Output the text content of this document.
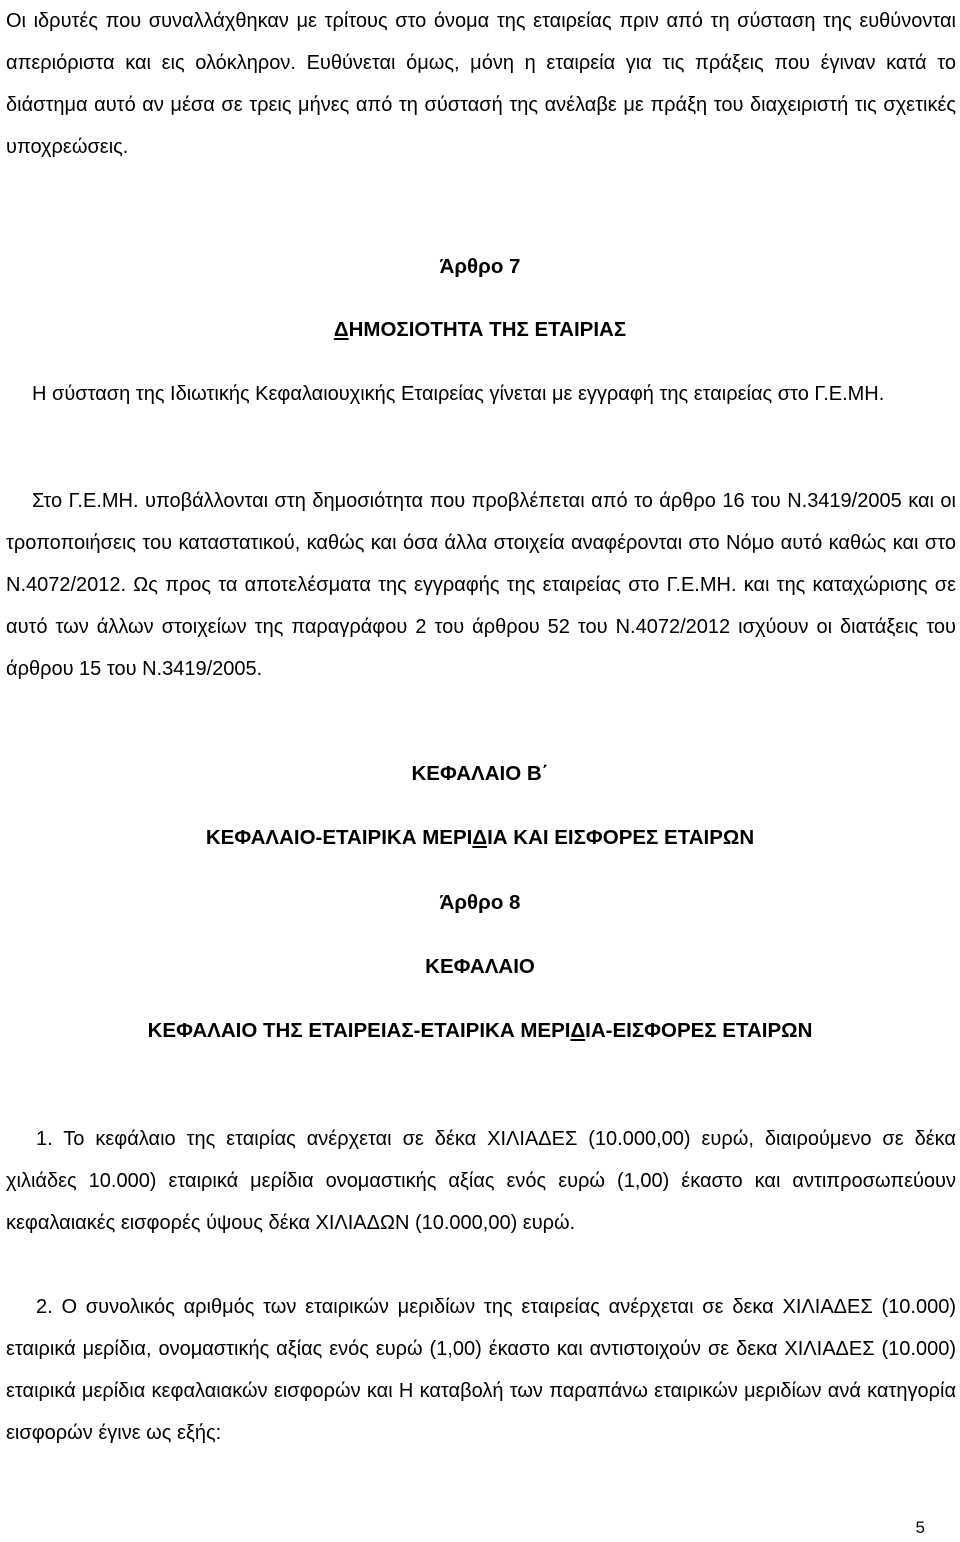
Οι ιδρυτές που συναλλάχθηκαν με τρίτους στο όνομα της εταιρείας πριν από τη σύσταση της ευθύνονται απεριόριστα και εις ολόκληρον. Ευθύνεται όμως, μόνη η εταιρεία για τις πράξεις που έγιναν κατά το διάστημα αυτό αν μέσα σε τρεις μήνες από τη σύστασή της ανέλαβε με πράξη του διαχειριστή τις σχετικές υποχρεώσεις.

Άρθρο 7
ΔΗΜΟΣΙΟΤΗΤΑ ΤΗΣ ΕΤΑΙΡΙΑΣ

Η σύσταση της Ιδιωτικής Κεφαλαιουχικής Εταιρείας γίνεται με εγγραφή της εταιρείας στο Γ.Ε.ΜΗ.

Στο Γ.Ε.ΜΗ. υποβάλλονται στη δημοσιότητα που προβλέπεται από το άρθρο 16 του Ν.3419/2005 και οι τροποποιήσεις του καταστατικού, καθώς και όσα άλλα στοιχεία αναφέρονται στο Νόμο αυτό καθώς και στο Ν.4072/2012. Ως προς τα αποτελέσματα της εγγραφής της εταιρείας στο Γ.Ε.ΜΗ. και της καταχώρισης σε αυτό των άλλων στοιχείων της παραγράφου 2 του άρθρου 52 του Ν.4072/2012 ισχύουν οι διατάξεις του άρθρου 15 του Ν.3419/2005.

ΚΕΦΑΛΑΙΟ Β΄
ΚΕΦΑΛΑΙΟ-ΕΤΑΙΡΙΚΑ ΜΕΡΙΔΙΑ ΚΑΙ ΕΙΣΦΟΡΕΣ ΕΤΑΙΡΩΝ
Άρθρο 8
ΚΕΦΑΛΑΙΟ
ΚΕΦΑΛΑΙΟ ΤΗΣ ΕΤΑΙΡΕΙΑΣ-ΕΤΑΙΡΙΚΑ ΜΕΡΙΔΙΑ-ΕΙΣΦΟΡΕΣ ΕΤΑΙΡΩΝ

1. Το κεφάλαιο της εταιρίας ανέρχεται σε δέκα ΧΙΛΙΑΔΕΣ (10.000,00) ευρώ, διαιρούμενο σε δέκα χιλιάδες 10.000) εταιρικά μερίδια ονομαστικής αξίας ενός ευρώ (1,00) έκαστο και αντιπροσωπεύουν κεφαλαιακές εισφορές ύψους δέκα ΧΙΛΙΑΔΩΝ (10.000,00) ευρώ.

2. Ο συνολικός αριθμός των εταιρικών μεριδίων της εταιρείας ανέρχεται σε δεκα ΧΙΛΙΑΔΕΣ (10.000) εταιρικά μερίδια, ονομαστικής αξίας ενός ευρώ (1,00) έκαστο και αντιστοιχούν σε δεκα ΧΙΛΙΑΔΕΣ (10.000) εταιρικά μερίδια κεφαλαιακών εισφορών και Η καταβολή των παραπάνω εταιρικών μεριδίων ανά κατηγορία εισφορών έγινε ως εξής:

5
